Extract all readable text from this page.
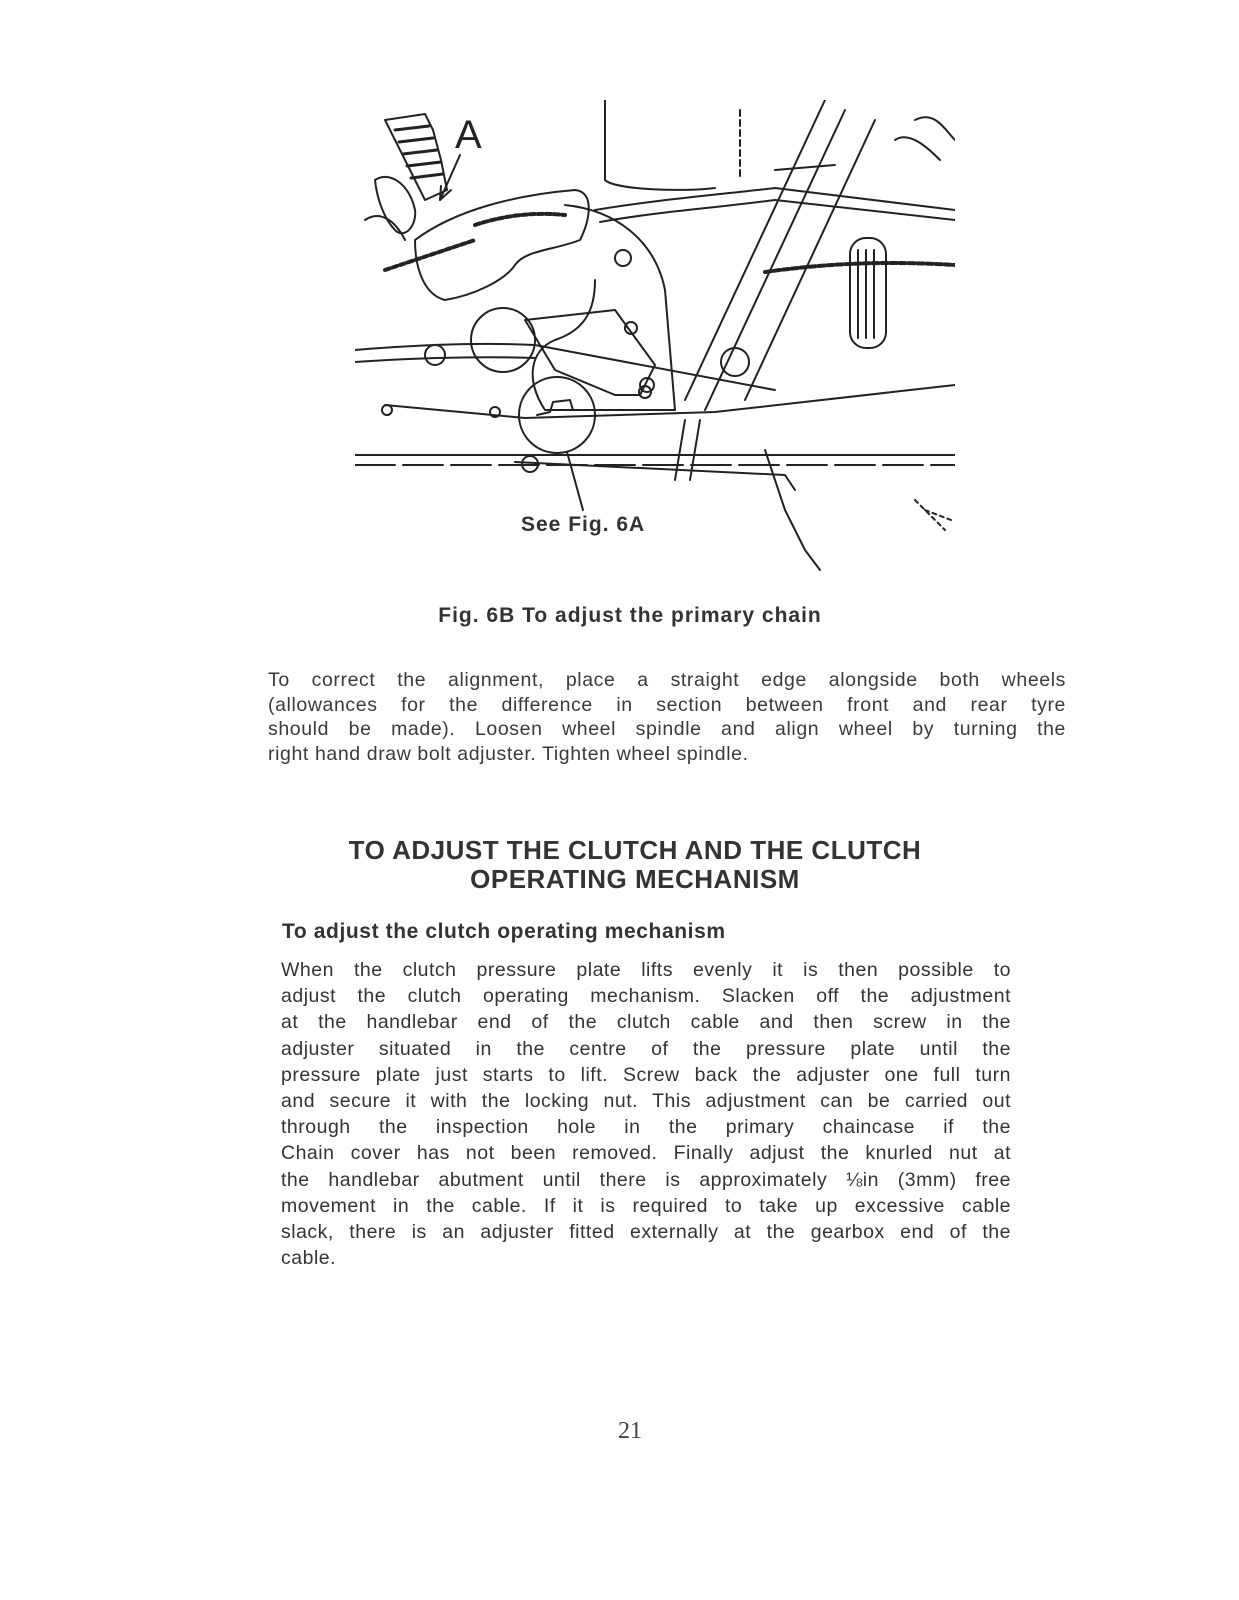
A
See Fig. 6A
Fig. 6B To adjust the primary chain

To correct the alignment, place a straight edge alongside both wheels
(allowances for the difference in section between front and rear tyre
should be made). Loosen wheel spindle and align wheel by turning the
right hand draw bolt adjuster. Tighten wheel spindle.

TO ADJUST THE CLUTCH AND THE CLUTCH
OPERATING MECHANISM
To adjust the clutch operating mechanism

When the clutch pressure plate lifts evenly it is then possible to
adjust the clutch operating mechanism. Slacken off the adjustment
at the handlebar end of the clutch cable and then screw in the
adjuster situated in the centre of the pressure plate until the
pressure plate just starts to lift. Screw back the adjuster one full turn
and secure it with the locking nut. This adjustment can be carried out
through the inspection hole in the primary chaincase if the
Chain cover has not been removed. Finally adjust the knurled nut at
the handlebar abutment until there is approximately ⅛in (3mm) free
movement in the cable. If it is required to take up excessive cable
slack, there is an adjuster fitted externally at the gearbox end of the
cable.

21
